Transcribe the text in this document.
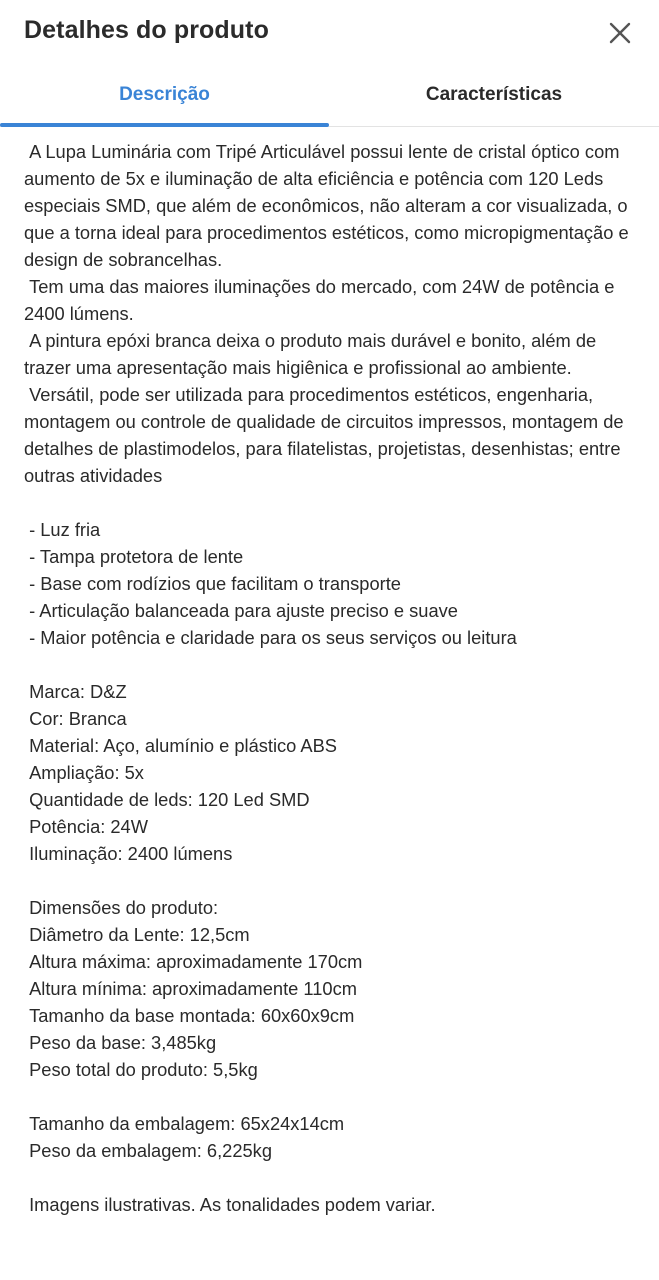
Detalhes do produto
Descrição	Características

A Lupa Luminária com Tripé Articulável possui lente de cristal óptico com aumento de 5x e iluminação de alta eficiência e potência com 120 Leds especiais SMD, que além de econômicos, não alteram a cor visualizada, o que a torna ideal para procedimentos estéticos, como micropigmentação e design de sobrancelhas.

Tem uma das maiores iluminações do mercado, com 24W de potência e 2400 lúmens.

A pintura epóxi branca deixa o produto mais durável e bonito, além de trazer uma apresentação mais higiênica e profissional ao ambiente.

Versátil, pode ser utilizada para procedimentos estéticos, engenharia, montagem ou controle de qualidade de circuitos impressos, montagem de detalhes de plastimodelos, para filatelistas, projetistas, desenhistas; entre outras atividades

- Luz fria

- Tampa protetora de lente

- Base com rodízios que facilitam o transporte

- Articulação balanceada para ajuste preciso e suave

- Maior potência e claridade para os seus serviços ou leitura

Marca: D&Z

Cor: Branca

Material: Aço, alumínio e plástico ABS

Ampliação: 5x

Quantidade de leds: 120 Led SMD

Potência: 24W

Iluminação: 2400 lúmens

Dimensões do produto:

Diâmetro da Lente: 12,5cm

Altura máxima: aproximadamente 170cm

Altura mínima: aproximadamente 110cm

Tamanho da base montada: 60x60x9cm

Peso da base: 3,485kg

Peso total do produto: 5,5kg

Tamanho da embalagem: 65x24x14cm

Peso da embalagem: 6,225kg

Imagens ilustrativas. As tonalidades podem variar.
